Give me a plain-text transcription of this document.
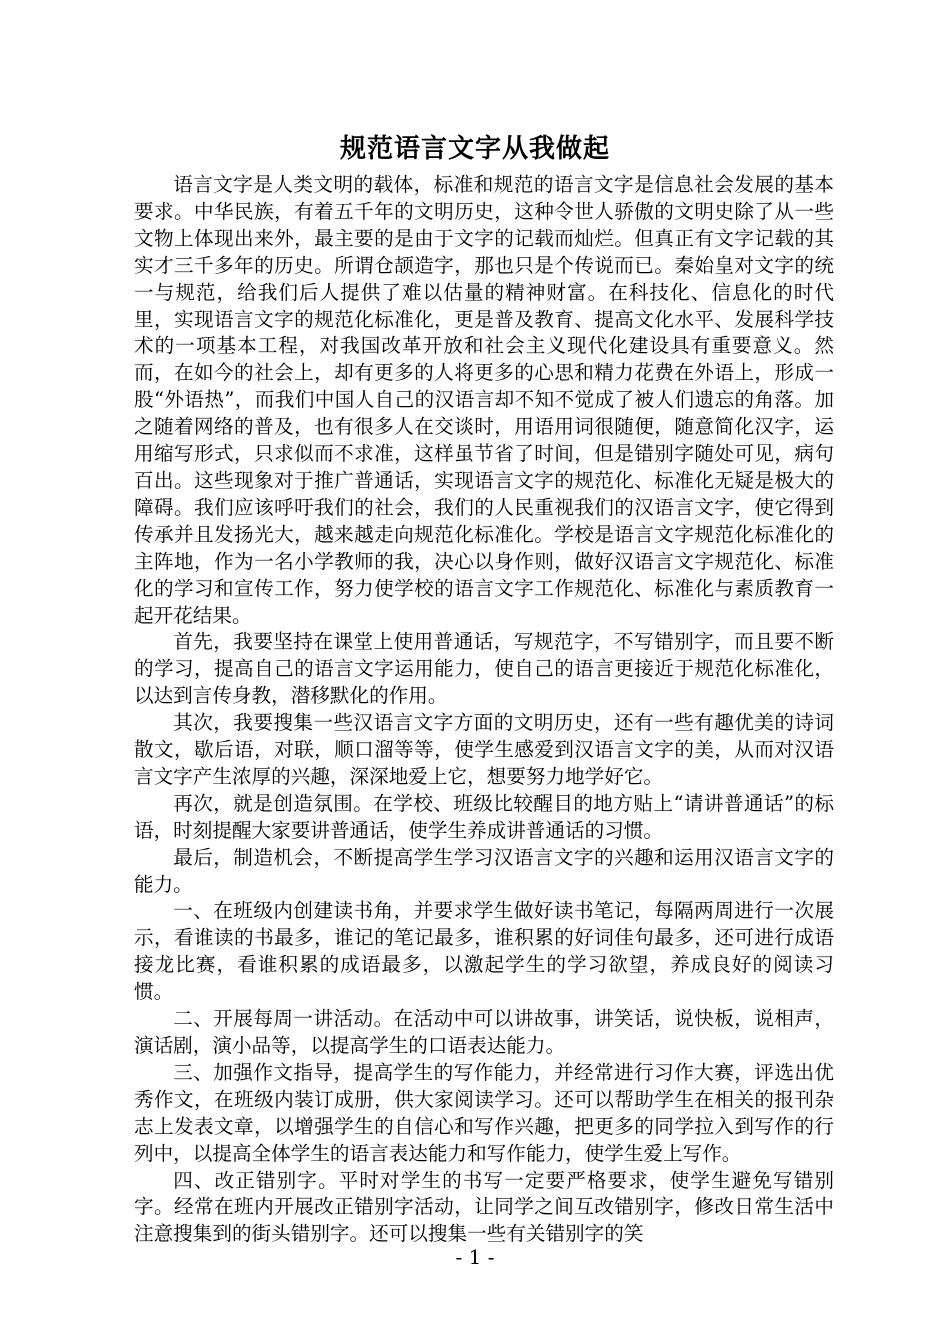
规范语言文字从我做起

语言文字是人类文明的载体，标准和规范的语言文字是信息社会发展的基本要求。中华民族，有着五千年的文明历史，这种令世人骄傲的文明史除了从一些文物上体现出来外，最主要的是由于文字的记载而灿烂。但真正有文字记载的其实才三千多年的历史。所谓仓颉造字，那也只是个传说而已。秦始皇对文字的统一与规范，给我们后人提供了难以估量的精神财富。在科技化、信息化的时代里，实现语言文字的规范化标准化，更是普及教育、提高文化水平、发展科学技术的一项基本工程，对我国改革开放和社会主义现代化建设具有重要意义。然而，在如今的社会上，却有更多的人将更多的心思和精力花费在外语上，形成一股“外语热”，而我们中国人自己的汉语言却不知不觉成了被人们遗忘的角落。加之随着网络的普及，也有很多人在交谈时，用语用词很随便，随意简化汉字，运用缩写形式，只求似而不求准，这样虽节省了时间，但是错别字随处可见，病句百出。这些现象对于推广普通话，实现语言文字的规范化、标准化无疑是极大的障碍。我们应该呼吁我们的社会，我们的人民重视我们的汉语言文字，使它得到传承并且发扬光大，越来越走向规范化标准化。学校是语言文字规范化标准化的主阵地，作为一名小学教师的我，决心以身作则，做好汉语言文字规范化、标准化的学习和宣传工作，努力使学校的语言文字工作规范化、标准化与素质教育一起开花结果。

首先，我要坚持在课堂上使用普通话，写规范字，不写错别字，而且要不断的学习，提高自己的语言文字运用能力，使自己的语言更接近于规范化标准化，以达到言传身教，潜移默化的作用。

其次，我要搜集一些汉语言文字方面的文明历史，还有一些有趣优美的诗词散文，歇后语，对联，顺口溜等等，使学生感爱到汉语言文字的美，从而对汉语言文字产生浓厚的兴趣，深深地爱上它，想要努力地学好它。

再次，就是创造氛围。在学校、班级比较醒目的地方贴上“请讲普通话”的标语，时刻提醒大家要讲普通话，使学生养成讲普通话的习惯。

最后，制造机会，不断提高学生学习汉语言文字的兴趣和运用汉语言文字的能力。

一、在班级内创建读书角，并要求学生做好读书笔记，每隔两周进行一次展示，看谁读的书最多，谁记的笔记最多，谁积累的好词佳句最多，还可进行成语接龙比赛，看谁积累的成语最多，以激起学生的学习欲望，养成良好的阅读习惯。

二、开展每周一讲活动。在活动中可以讲故事，讲笑话，说快板，说相声，演话剧，演小品等，以提高学生的口语表达能力。

三、加强作文指导，提高学生的写作能力，并经常进行习作大赛，评选出优秀作文，在班级内装订成册，供大家阅读学习。还可以帮助学生在相关的报刊杂志上发表文章，以增强学生的自信心和写作兴趣，把更多的同学拉入到写作的行列中，以提高全体学生的语言表达能力和写作能力，使学生爱上写作。

四、改正错别字。平时对学生的书写一定要严格要求，使学生避免写错别字。经常在班内开展改正错别字活动，让同学之间互改错别字，修改日常生活中注意搜集到的街头错别字。还可以搜集一些有关错别字的笑

- 1 -
